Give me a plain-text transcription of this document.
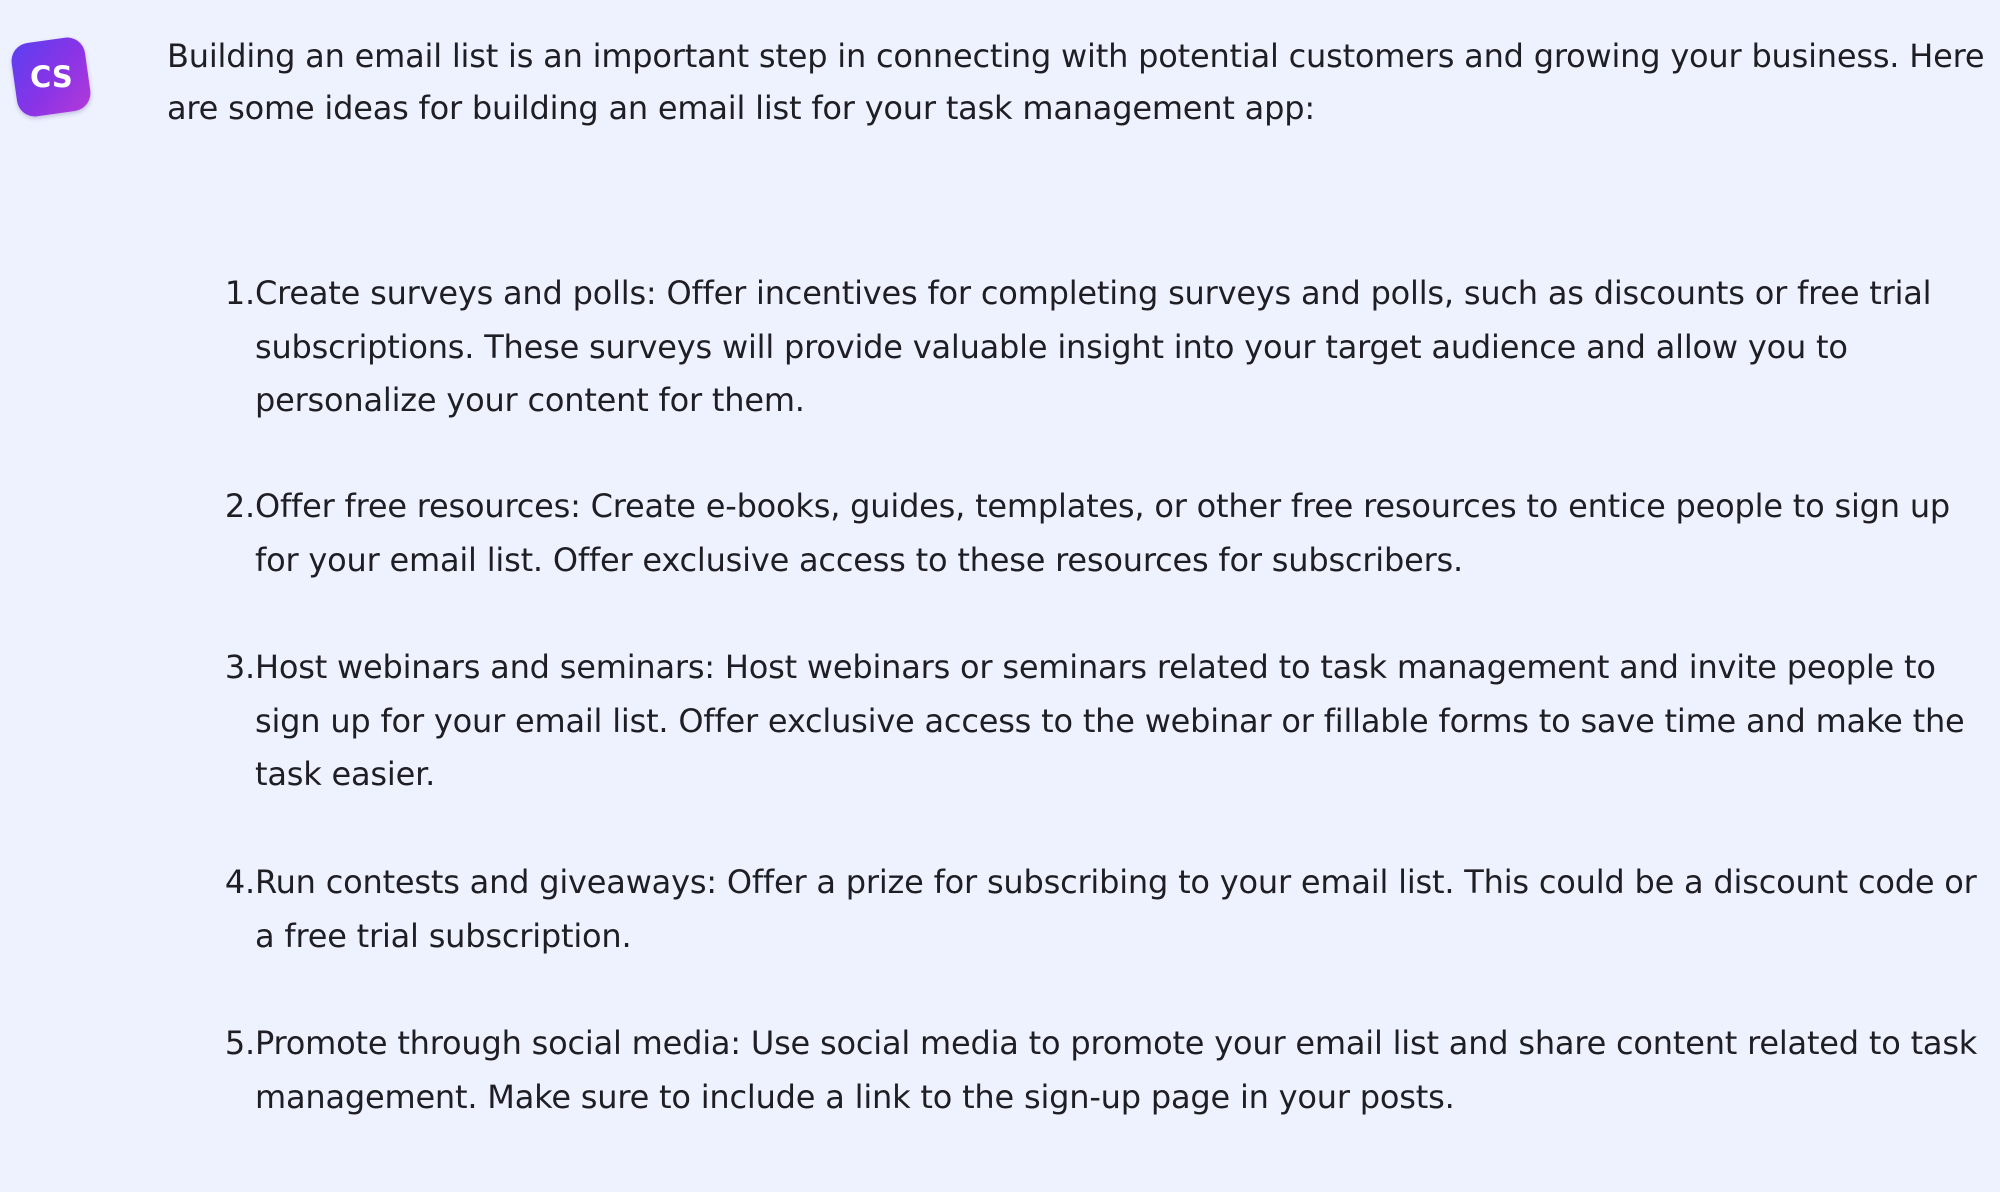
CS

Building an email list is an important step in connecting with potential customers and growing your business. Here are some ideas for building an email list for your task management app:

1. Create surveys and polls: Offer incentives for completing surveys and polls, such as discounts or free trial subscriptions. These surveys will provide valuable insight into your target audience and allow you to personalize your content for them.
2. Offer free resources: Create e-books, guides, templates, or other free resources to entice people to sign up for your email list. Offer exclusive access to these resources for subscribers.
3. Host webinars and seminars: Host webinars or seminars related to task management and invite people to sign up for your email list. Offer exclusive access to the webinar or fillable forms to save time and make the task easier.
4. Run contests and giveaways: Offer a prize for subscribing to your email list. This could be a discount code or a free trial subscription.
5. Promote through social media: Use social media to promote your email list and share content related to task management. Make sure to include a link to the sign-up page in your posts.
